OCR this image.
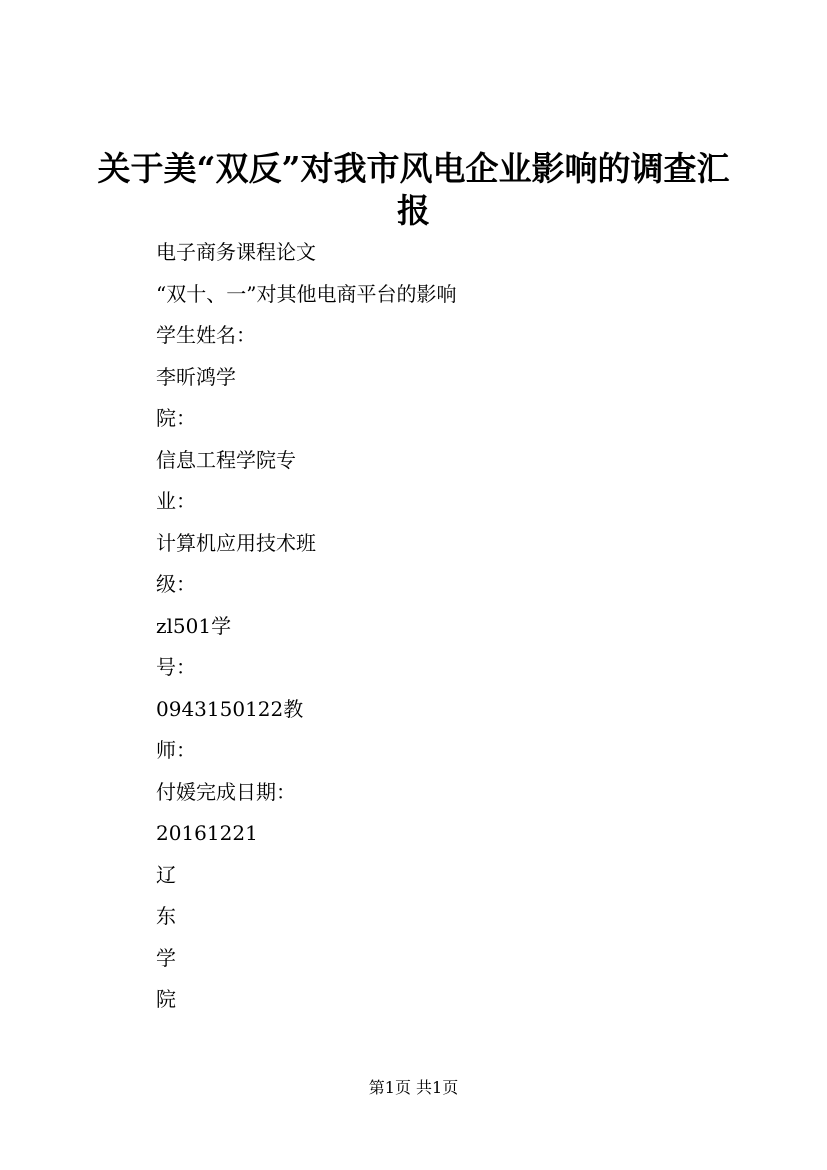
关于美“双反”对我市风电企业影响的调查汇
报
电子商务课程论文
“双十、一”对其他电商平台的影响
学生姓名：
李昕鸿学
院：
信息工程学院专
业：
计算机应用技术班
级：
zl501学
号：
0943150122教
师：
付媛完成日期：
20161221
辽
东
学
院
第1页 共1页
